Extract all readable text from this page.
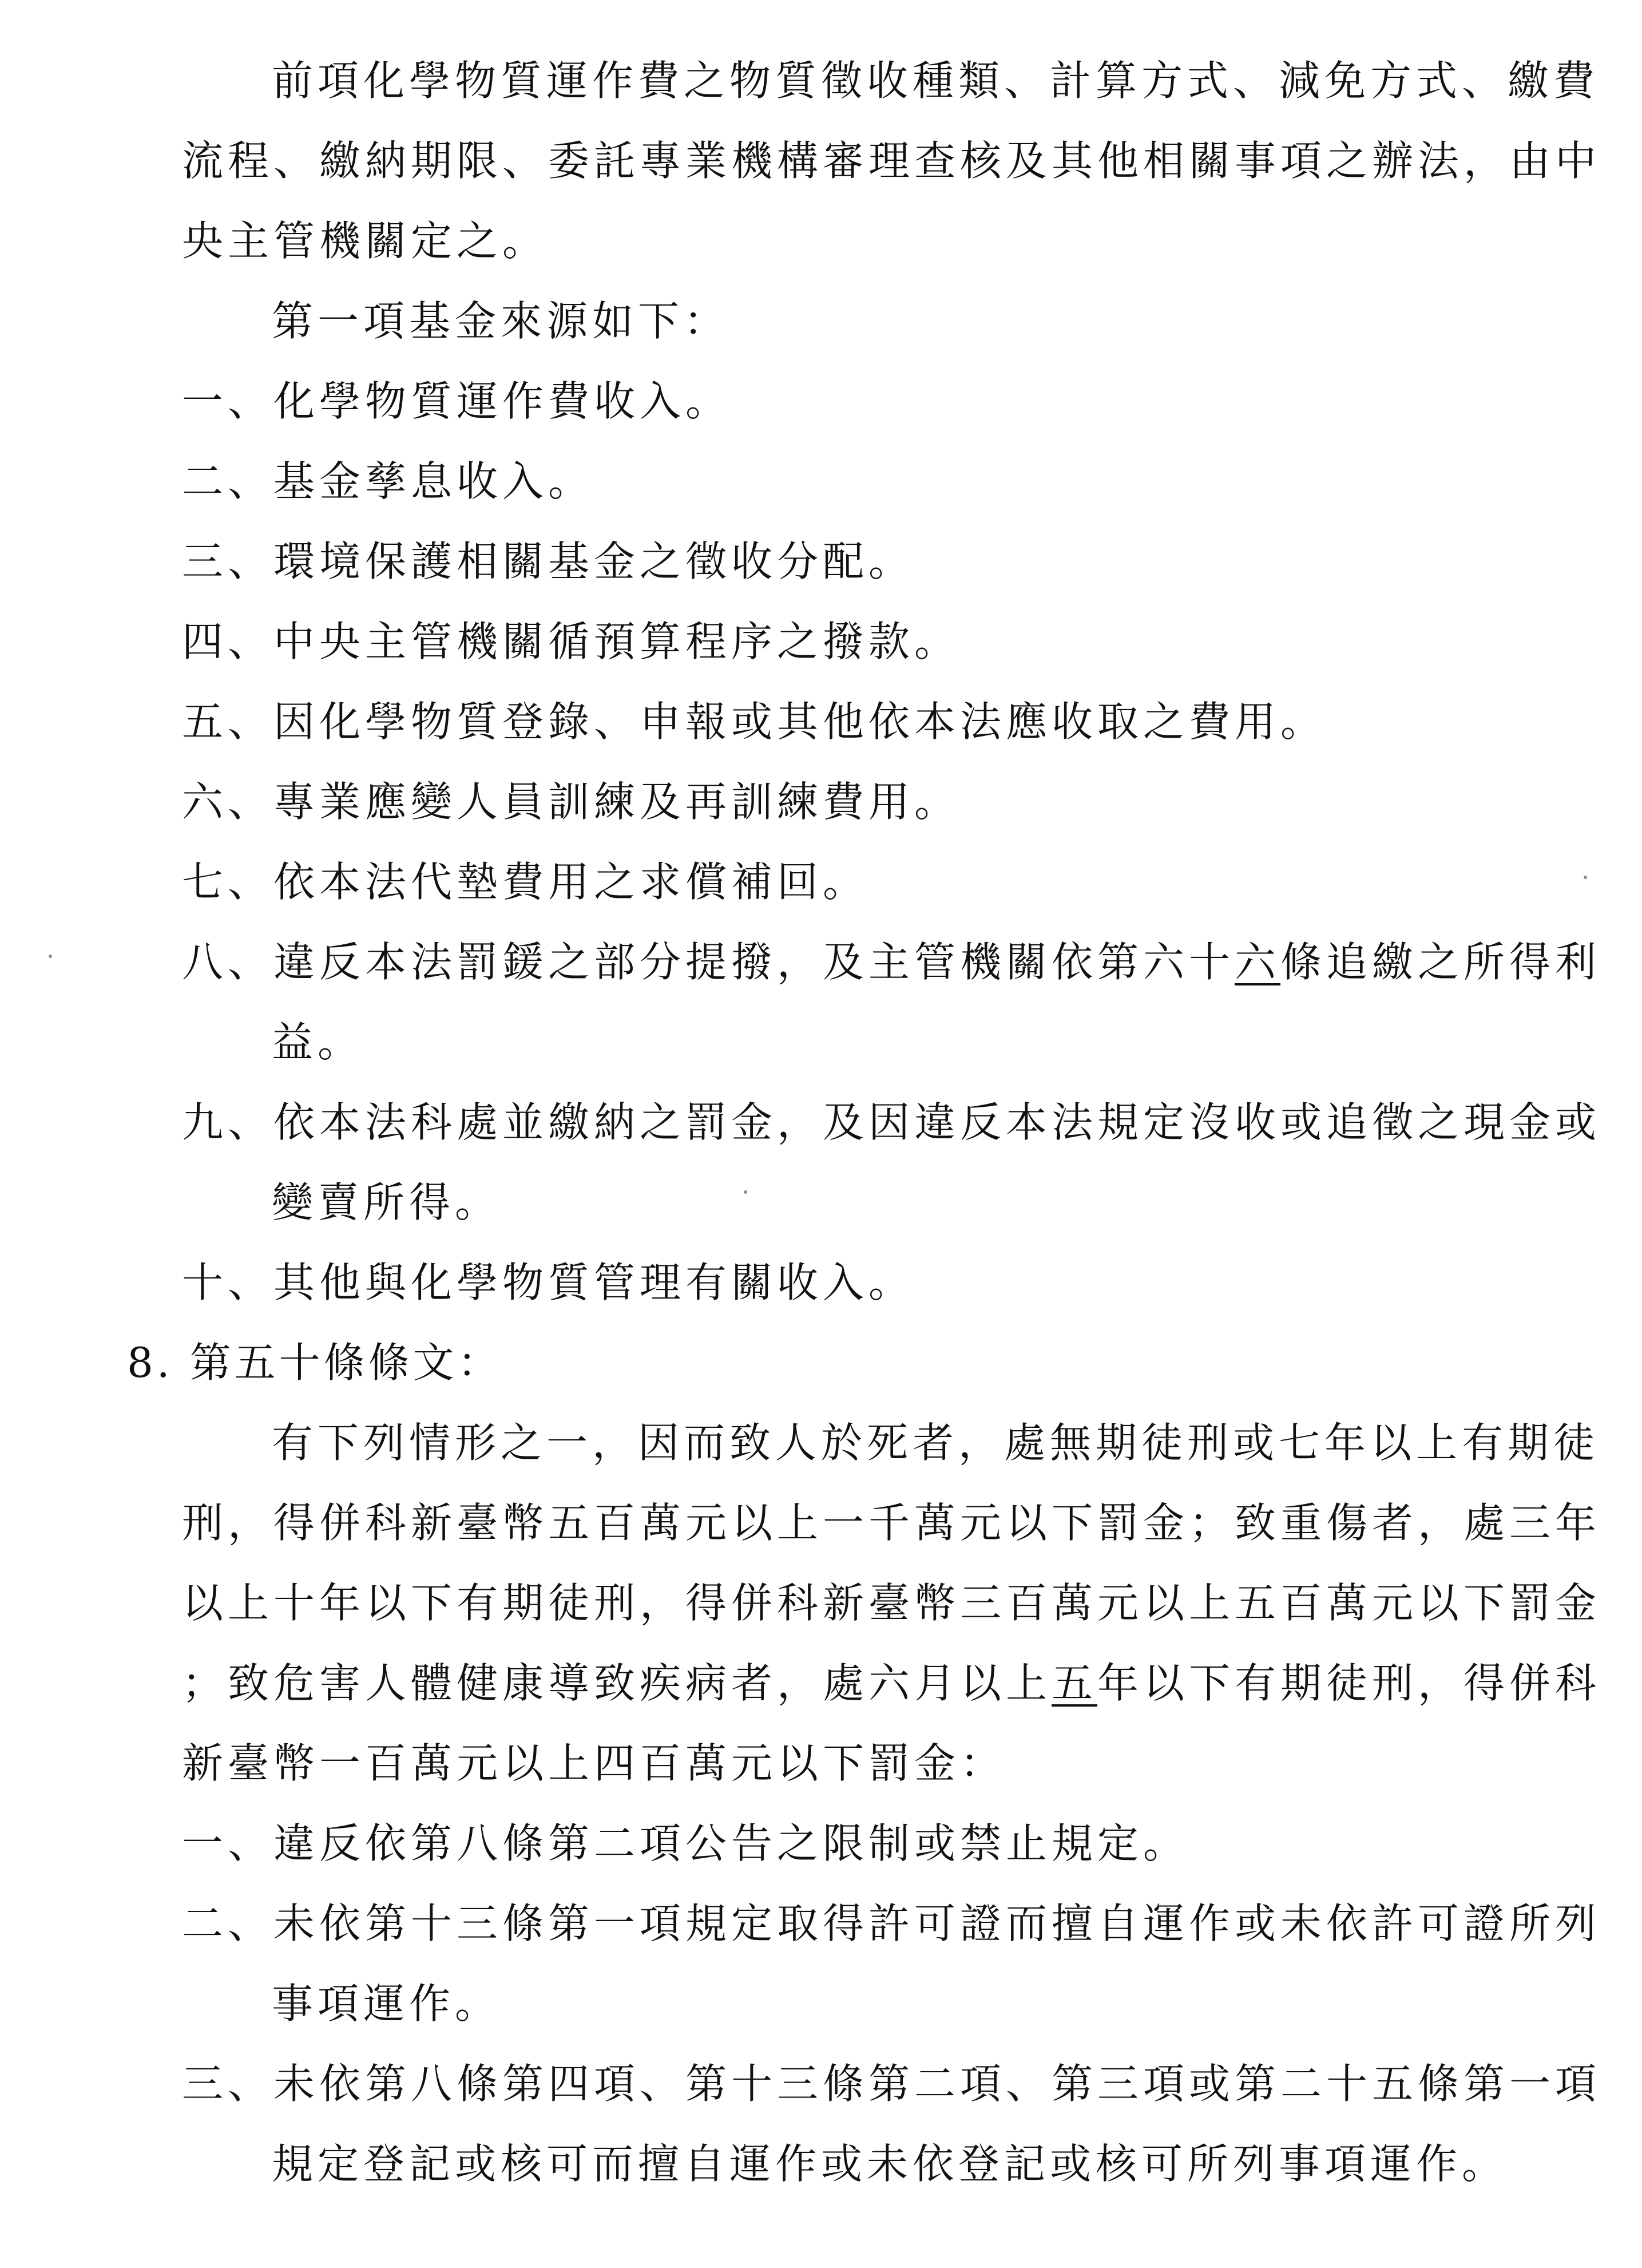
前項化學物質運作費之物質徵收種類、計算方式、減免方式、繳費
流程、繳納期限、委託專業機構審理查核及其他相關事項之辦法，由中
央主管機關定之。
第一項基金來源如下：
一、化學物質運作費收入。
二、基金孳息收入。
三、環境保護相關基金之徵收分配。
四、中央主管機關循預算程序之撥款。
五、因化學物質登錄、申報或其他依本法應收取之費用。
六、專業應變人員訓練及再訓練費用。
七、依本法代墊費用之求償補回。
八、違反本法罰鍰之部分提撥，及主管機關依第六十六條追繳之所得利
益。
九、依本法科處並繳納之罰金，及因違反本法規定沒收或追徵之現金或
變賣所得。
十、其他與化學物質管理有關收入。
8. 第五十條條文：
有下列情形之一，因而致人於死者，處無期徒刑或七年以上有期徒
刑，得併科新臺幣五百萬元以上一千萬元以下罰金；致重傷者，處三年
以上十年以下有期徒刑，得併科新臺幣三百萬元以上五百萬元以下罰金
；致危害人體健康導致疾病者，處六月以上五年以下有期徒刑，得併科
新臺幣一百萬元以上四百萬元以下罰金：
一、違反依第八條第二項公告之限制或禁止規定。
二、未依第十三條第一項規定取得許可證而擅自運作或未依許可證所列
事項運作。
三、未依第八條第四項、第十三條第二項、第三項或第二十五條第一項
規定登記或核可而擅自運作或未依登記或核可所列事項運作。
